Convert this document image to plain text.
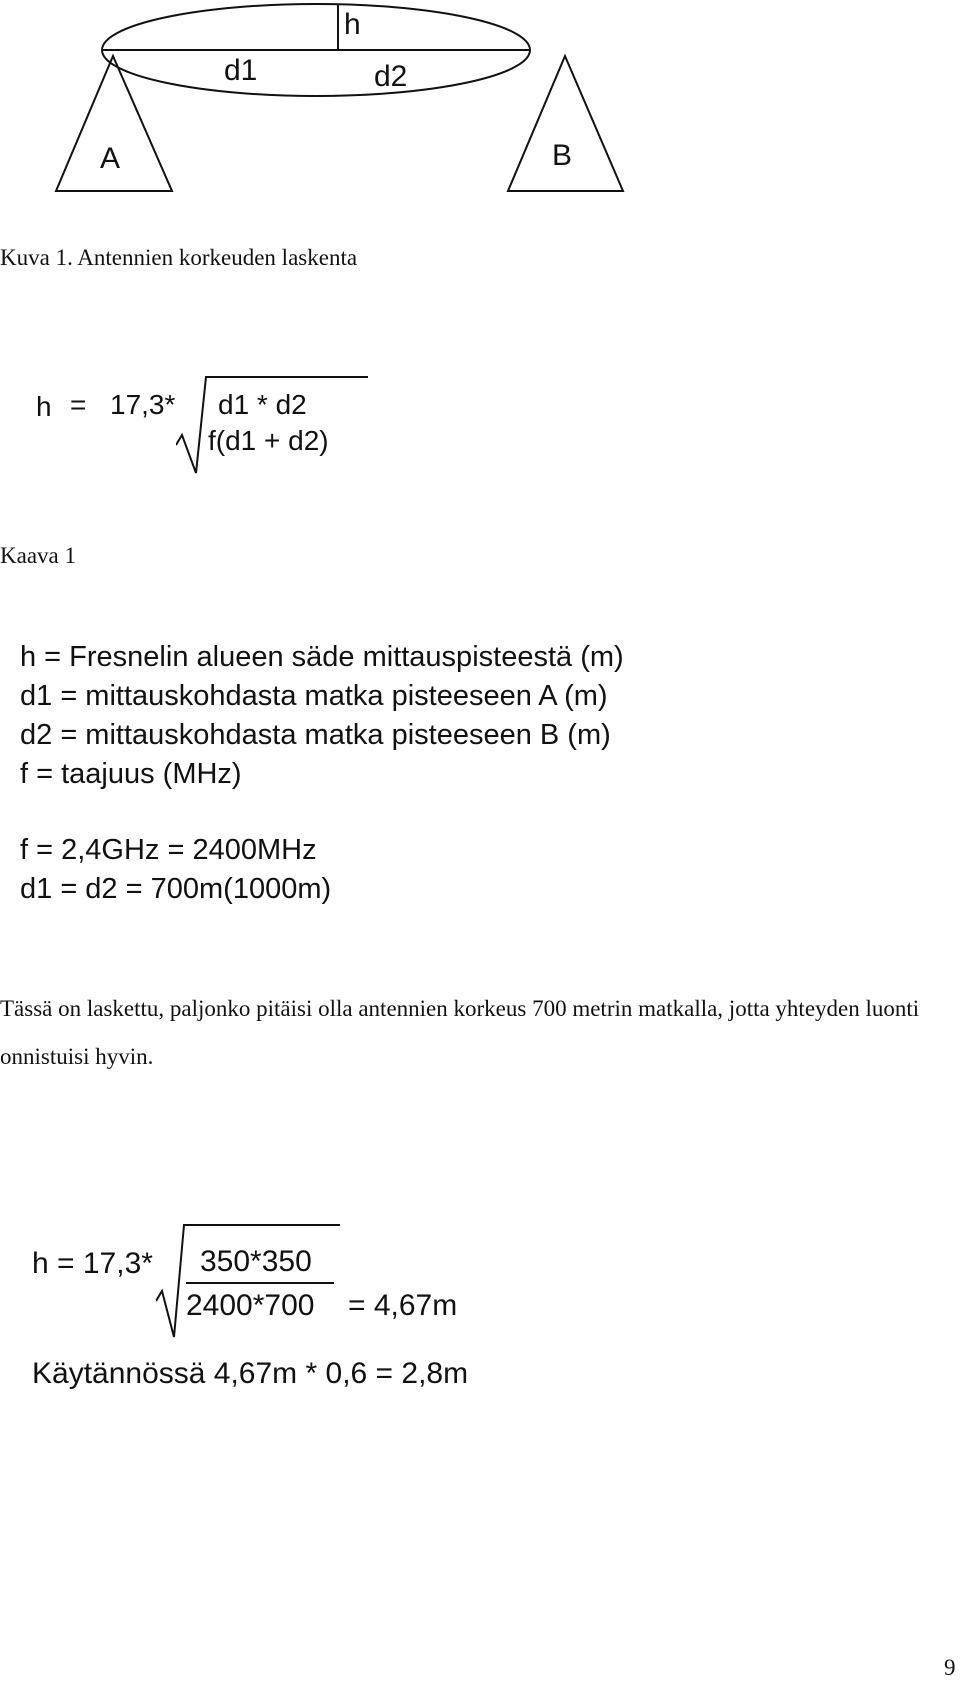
h
d1	d2
A	B
Kuva 1. Antennien korkeuden laskenta
h = 17,3* d1 * d2
f(d1 + d2)
Kaava 1
h = Fresnelin alueen säde mittauspisteestä (m)
d1 = mittauskohdasta matka pisteeseen A (m)
d2 = mittauskohdasta matka pisteeseen B (m)
f = taajuus (MHz)
f = 2,4GHz = 2400MHz
d1 = d2 = 700m(1000m)
Tässä on laskettu, paljonko pitäisi olla antennien korkeus 700 metrin matkalla, jotta yhteyden luonti onnistuisi hyvin.
h = 17,3* 350*350
2400*700 = 4,67m
Käytännössä 4,67m * 0,6 = 2,8m
9
